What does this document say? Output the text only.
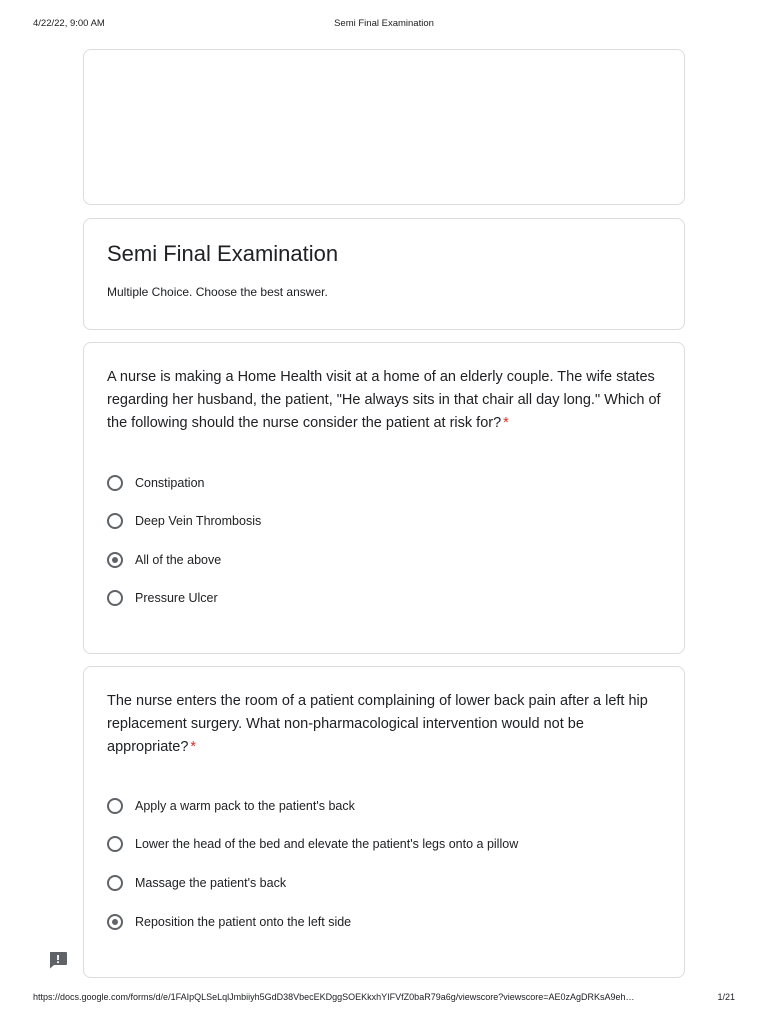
4/22/22, 9:00 AM	Semi Final Examination
Semi Final Examination
Multiple Choice. Choose the best answer.
A nurse is making a Home Health visit at a home of an elderly couple. The wife states regarding her husband, the patient, "He always sits in that chair all day long." Which of the following should the nurse consider the patient at risk for? *
Constipation
Deep Vein Thrombosis
All of the above
Pressure Ulcer
The nurse enters the room of a patient complaining of lower back pain after a left hip replacement surgery. What non-pharmacological intervention would not be appropriate? *
Apply a warm pack to the patient's back
Lower the head of the bed and elevate the patient's legs onto a pillow
Massage the patient's back
Reposition the patient onto the left side
https://docs.google.com/forms/d/e/1FAIpQLSeLqlJmbiiyh5GdD38VbecEKDggSOEKkxhYIFVfZ0baR79a6g/viewscore?viewscore=AE0zAgDRKsA9eh…	1/21
